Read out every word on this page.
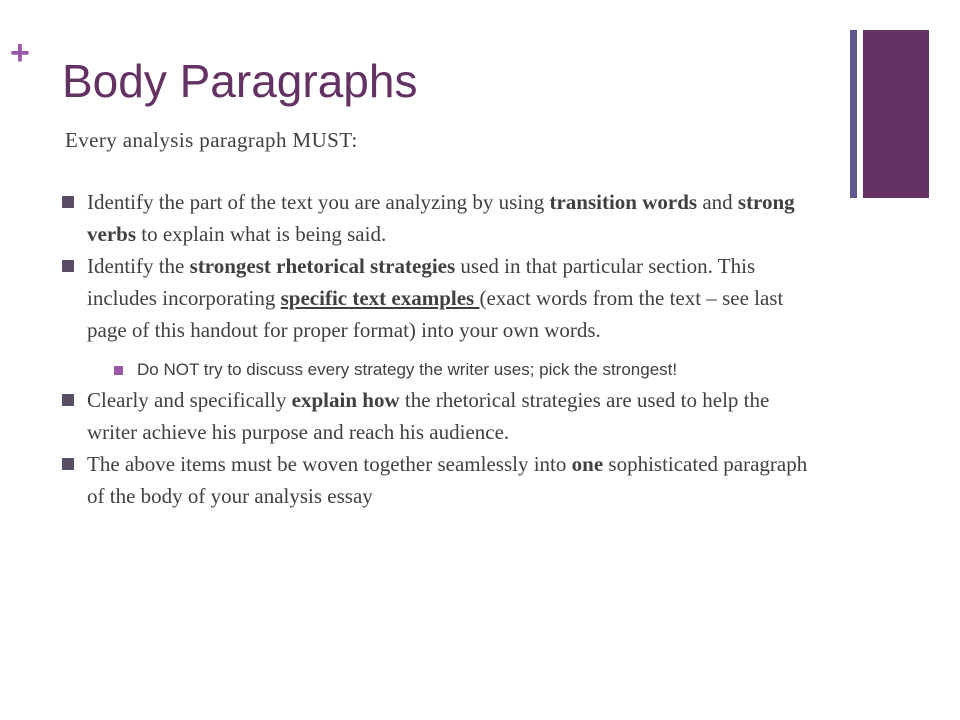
+
Body Paragraphs
Every analysis paragraph MUST:
Identify the part of the text you are analyzing by using transition words and strong verbs to explain what is being said.
Identify the strongest rhetorical strategies used in that particular section. This includes incorporating specific text examples (exact words from the text – see last page of this handout for proper format) into your own words.
Do NOT try to discuss every strategy the writer uses; pick the strongest!
Clearly and specifically explain how the rhetorical strategies are used to help the writer achieve his purpose and reach his audience.
The above items must be woven together seamlessly into one sophisticated paragraph of the body of your analysis essay
